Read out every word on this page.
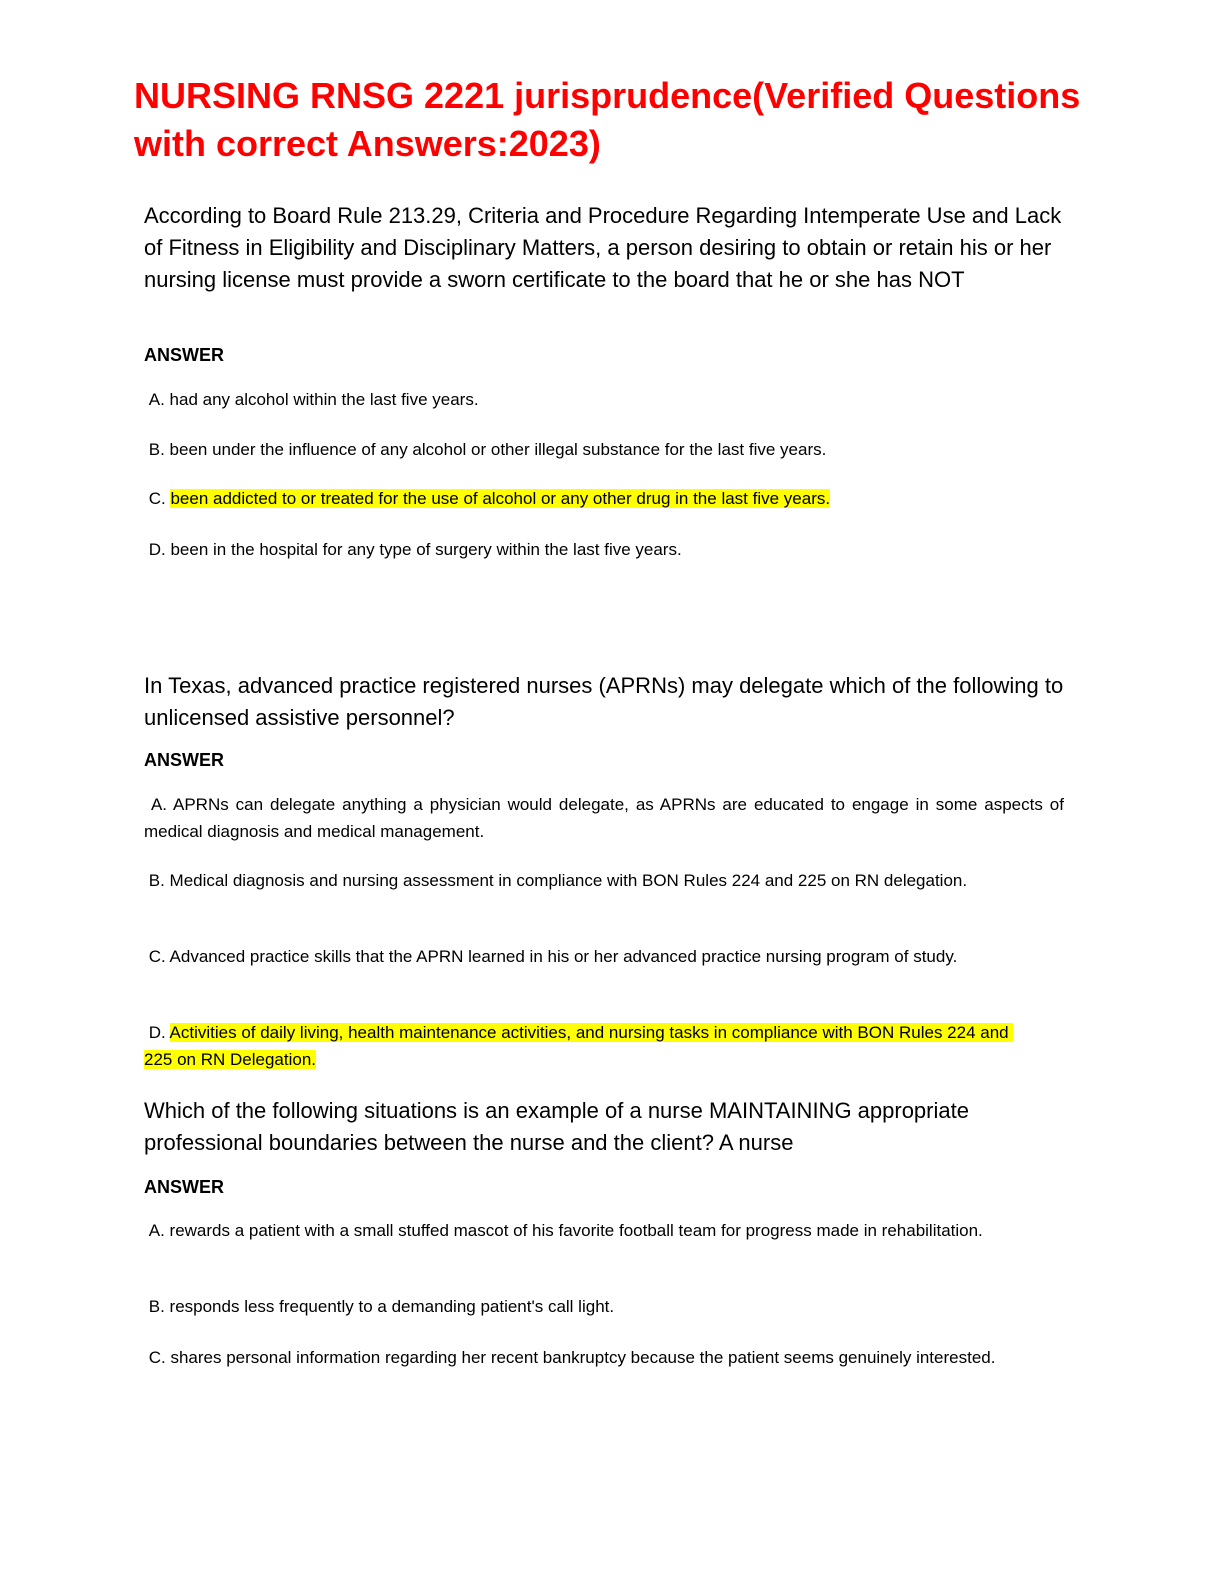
NURSING RNSG 2221 jurisprudence(Verified Questions with correct Answers:2023)

According to Board Rule 213.29, Criteria and Procedure Regarding Intemperate Use and Lack of Fitness in Eligibility and Disciplinary Matters, a person desiring to obtain or retain his or her nursing license must provide a sworn certificate to the board that he or she has NOT

ANSWER

A. had any alcohol within the last five years.

B. been under the influence of any alcohol or other illegal substance for the last five years.

C. been addicted to or treated for the use of alcohol or any other drug in the last five years.

D. been in the hospital for any type of surgery within the last five years.

In Texas, advanced practice registered nurses (APRNs) may delegate which of the following to unlicensed assistive personnel?

ANSWER

A. APRNs can delegate anything a physician would delegate, as APRNs are educated to engage in some aspects of medical diagnosis and medical management.

B. Medical diagnosis and nursing assessment in compliance with BON Rules 224 and 225 on RN delegation.

C. Advanced practice skills that the APRN learned in his or her advanced practice nursing program of study.

D. Activities of daily living, health maintenance activities, and nursing tasks in compliance with BON Rules 224 and 225 on RN Delegation.

Which of the following situations is an example of a nurse MAINTAINING appropriate professional boundaries between the nurse and the client? A nurse

ANSWER

A. rewards a patient with a small stuffed mascot of his favorite football team for progress made in rehabilitation.

B. responds less frequently to a demanding patient's call light.

C. shares personal information regarding her recent bankruptcy because the patient seems genuinely interested.
